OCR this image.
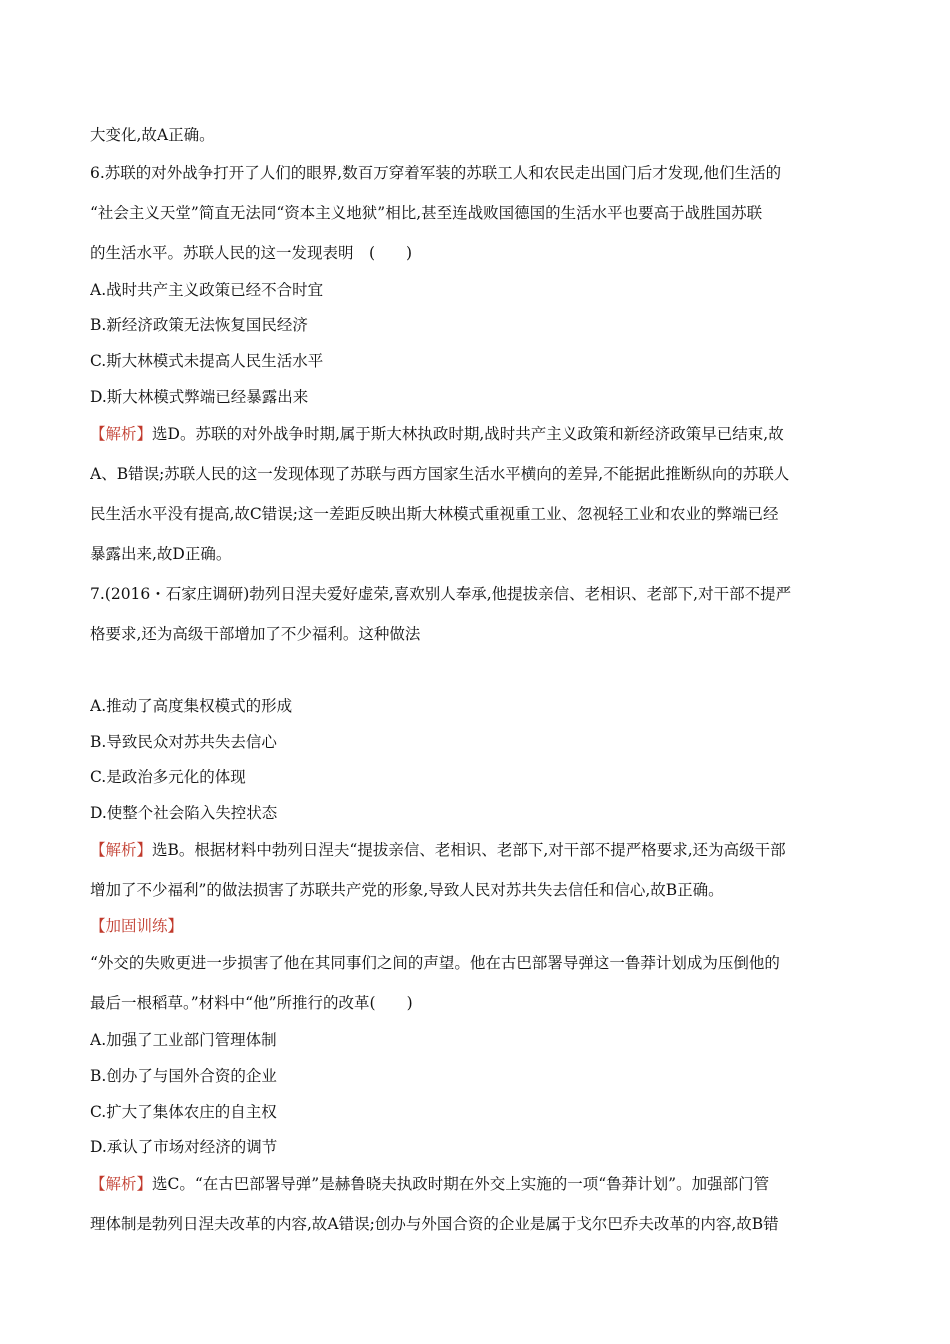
大变化,故A正确。
6.苏联的对外战争打开了人们的眼界,数百万穿着军装的苏联工人和农民走出国门后才发现,他们生活的
“社会主义天堂”简直无法同“资本主义地狱”相比,甚至连战败国德国的生活水平也要高于战胜国苏联
的生活水平。苏联人民的这一发现表明　(　　)
A.战时共产主义政策已经不合时宜
B.新经济政策无法恢复国民经济
C.斯大林模式未提高人民生活水平
D.斯大林模式弊端已经暴露出来
【解析】选D。苏联的对外战争时期,属于斯大林执政时期,战时共产主义政策和新经济政策早已结束,故
A、B错误;苏联人民的这一发现体现了苏联与西方国家生活水平横向的差异,不能据此推断纵向的苏联人
民生活水平没有提高,故C错误;这一差距反映出斯大林模式重视重工业、忽视轻工业和农业的弊端已经
暴露出来,故D正确。
7.(2016・石家庄调研)勃列日涅夫爱好虚荣,喜欢别人奉承,他提拔亲信、老相识、老部下,对干部不提严
格要求,还为高级干部增加了不少福利。这种做法
A.推动了高度集权模式的形成
B.导致民众对苏共失去信心
C.是政治多元化的体现
D.使整个社会陷入失控状态
【解析】选B。根据材料中勃列日涅夫“提拔亲信、老相识、老部下,对干部不提严格要求,还为高级干部
增加了不少福利”的做法损害了苏联共产党的形象,导致人民对苏共失去信任和信心,故B正确。
【加固训练】
“外交的失败更进一步损害了他在其同事们之间的声望。他在古巴部署导弹这一鲁莽计划成为压倒他的
最后一根稻草。”材料中“他”所推行的改革(　　)
A.加强了工业部门管理体制
B.创办了与国外合资的企业
C.扩大了集体农庄的自主权
D.承认了市场对经济的调节
【解析】选C。“在古巴部署导弹”是赫鲁晓夫执政时期在外交上实施的一项“鲁莽计划”。加强部门管
理体制是勃列日涅夫改革的内容,故A错误;创办与外国合资的企业是属于戈尔巴乔夫改革的内容,故B错
